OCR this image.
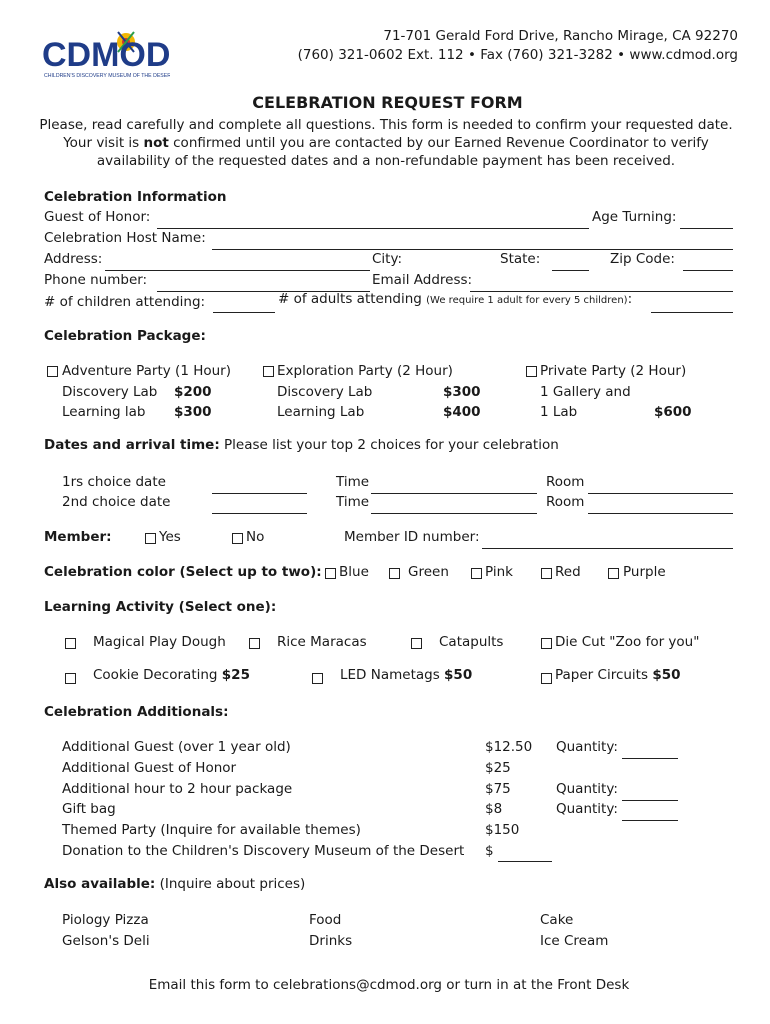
CDMOD
CHILDREN'S DISCOVERY MUSEUM OF THE DESERT
71-701 Gerald Ford Drive, Rancho Mirage, CA 92270
(760) 321-0602 Ext. 112 • Fax (760) 321-3282 • www.cdmod.org
CELEBRATION REQUEST FORM
Please, read carefully and complete all questions. This form is needed to confirm your requested date.
Your visit is not confirmed until you are contacted by our Earned Revenue Coordinator to verify
availability of the requested dates and a non-refundable payment has been received.
Celebration Information
Guest of Honor:	Age Turning:
Celebration Host Name:
Address:	City:	State:	Zip Code:
Phone number:	Email Address:
# of children attending:	# of adults attending (We require 1 adult for every 5 children):
Celebration Package:
Adventure Party (1 Hour)
Discovery Lab $200
Learning lab $300
Exploration Party (2 Hour)
Discovery Lab	$300
Learning Lab	$400
Private Party (2 Hour)
1 Gallery and
1 Lab	$600
Dates and arrival time: Please list your top 2 choices for your celebration
1rs choice date	Time	Room
2nd choice date	Time	Room
Member:	Yes	No	Member ID number:
Celebration color (Select up to two): Blue	Green	Pink	Red	Purple
Learning Activity (Select one):
Magical Play Dough	Rice Maracas	Catapults	Die Cut "Zoo for you"
Cookie Decorating $25	LED Nametags $50	Paper Circuits $50
Celebration Additionals:
Additional Guest (over 1 year old)	$12.50 Quantity:
Additional Guest of Honor	$25
Additional hour to 2 hour package	$75	Quantity:
Gift bag	$8	Quantity:
Themed Party (Inquire for available themes)	$150
Donation to the Children's Discovery Museum of the Desert $
Also available: (Inquire about prices)
Piology Pizza	Food	Cake
Gelson's Deli	Drinks	Ice Cream
Email this form to celebrations@cdmod.org or turn in at the Front Desk
